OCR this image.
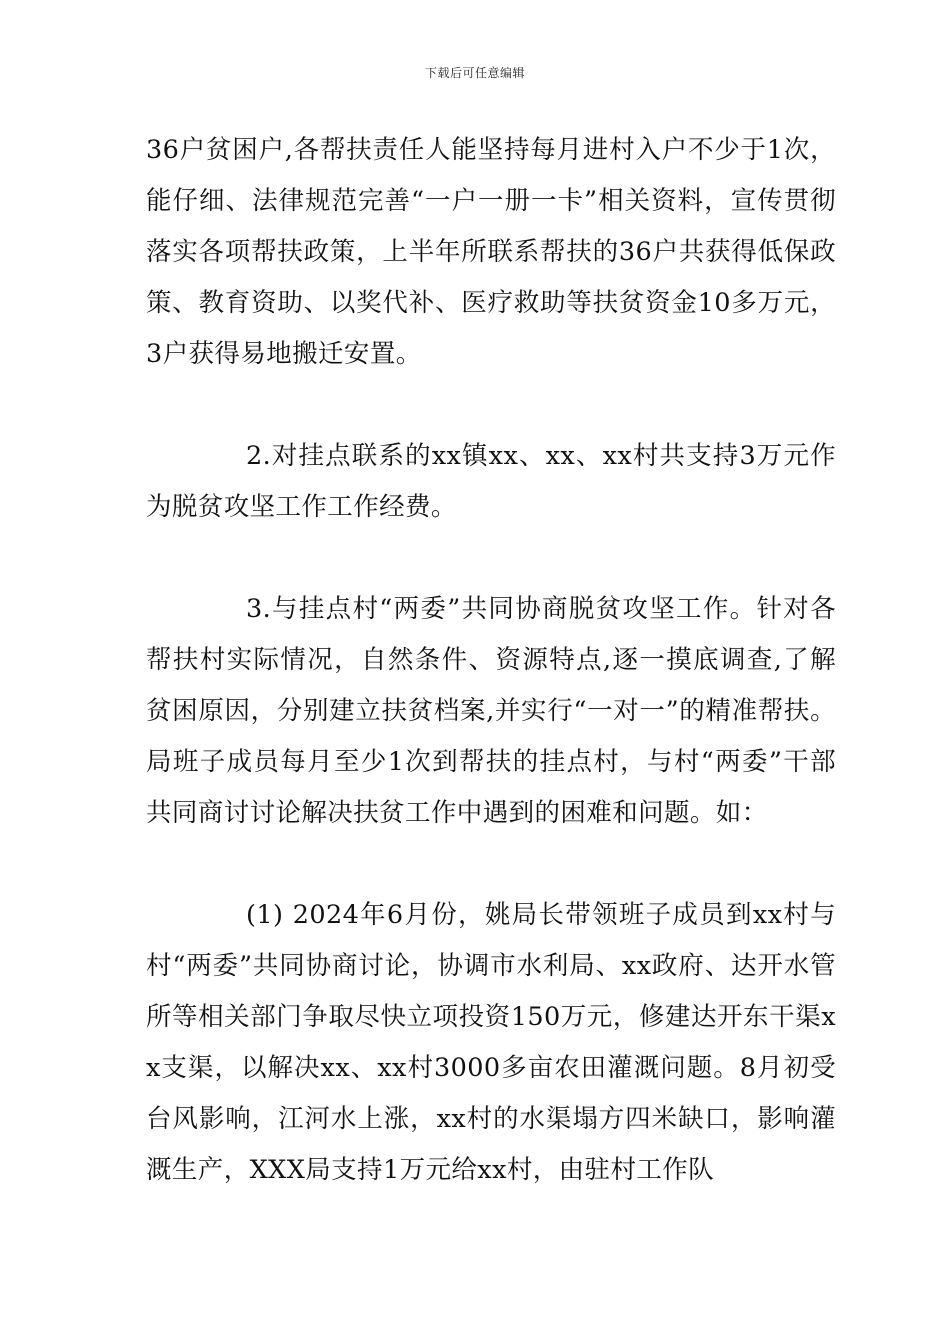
下载后可任意编辑

36户贫困户,各帮扶责任人能坚持每月进村入户不少于1次，能仔细、法律规范完善“一户一册一卡”相关资料，宣传贯彻落实各项帮扶政策，上半年所联系帮扶的36户共获得低保政策、教育资助、以奖代补、医疗救助等扶贫资金10多万元，3户获得易地搬迁安置。

2.对挂点联系的xx镇xx、xx、xx村共支持3万元作为脱贫攻坚工作工作经费。

3.与挂点村“两委”共同协商脱贫攻坚工作。针对各帮扶村实际情况，自然条件、资源特点,逐一摸底调查,了解贫困原因，分别建立扶贫档案,并实行“一对一”的精准帮扶。局班子成员每月至少1次到帮扶的挂点村，与村“两委”干部共同商讨讨论解决扶贫工作中遇到的困难和问题。如：

(1) 2024年6月份，姚局长带领班子成员到xx村与村“两委”共同协商讨论，协调市水利局、xx政府、达开水管所等相关部门争取尽快立项投资150万元，修建达开东干渠xx支渠，以解决xx、xx村3000多亩农田灌溉问题。8月初受台风影响，江河水上涨，xx村的水渠塌方四米缺口，影响灌溉生产，XXX局支持1万元给xx村，由驻村工作队
